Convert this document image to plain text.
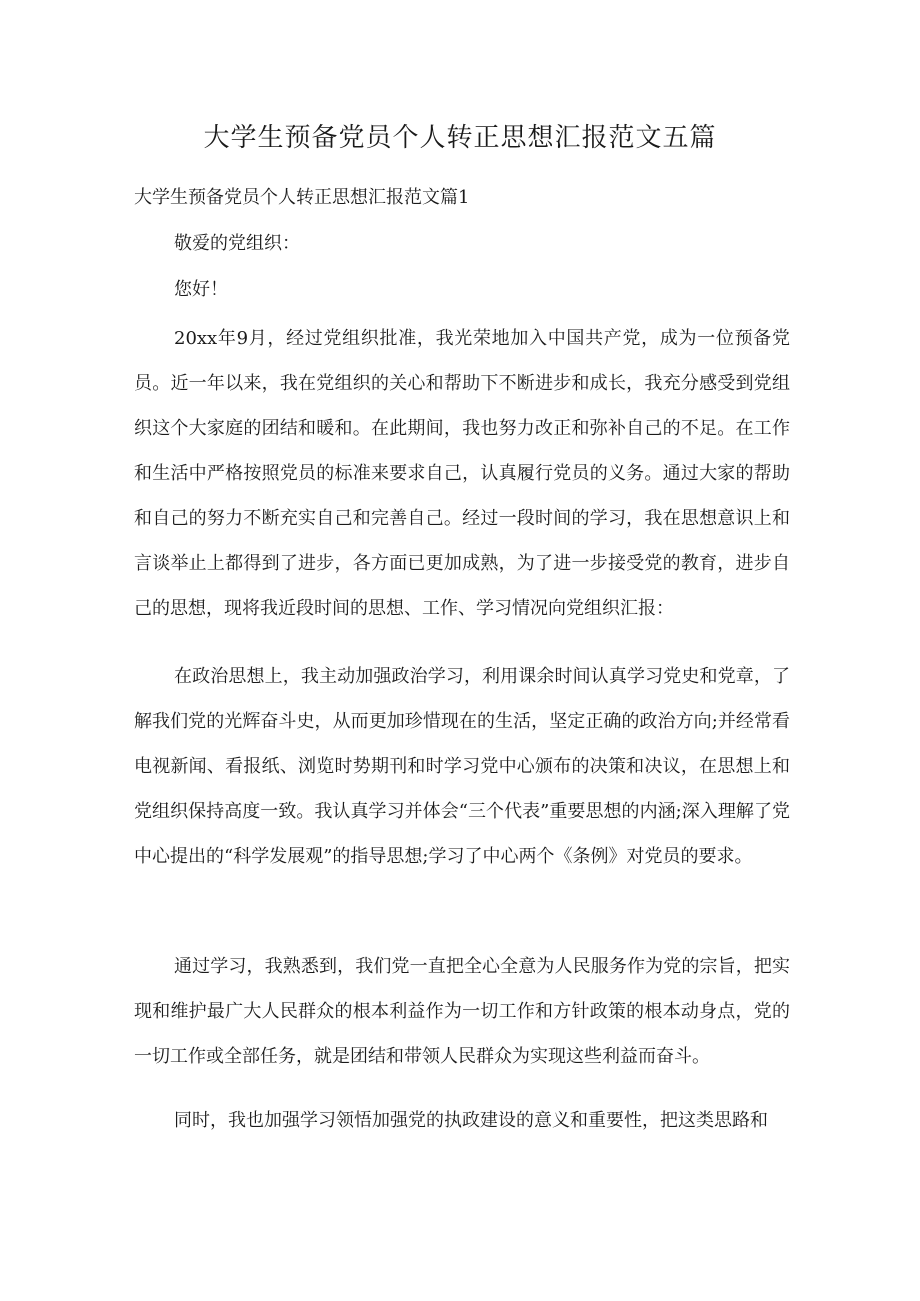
大学生预备党员个人转正思想汇报范文五篇
大学生预备党员个人转正思想汇报范文篇1

敬爱的党组织：

您好！

20xx年9月，经过党组织批准，我光荣地加入中国共产党，成为一位预备党员。近一年以来，我在党组织的关心和帮助下不断进步和成长，我充分感受到党组织这个大家庭的团结和暖和。在此期间，我也努力改正和弥补自己的不足。在工作和生活中严格按照党员的标准来要求自己，认真履行党员的义务。通过大家的帮助和自己的努力不断充实自己和完善自己。经过一段时间的学习，我在思想意识上和言谈举止上都得到了进步，各方面已更加成熟，为了进一步接受党的教育，进步自己的思想，现将我近段时间的思想、工作、学习情况向党组织汇报：

在政治思想上，我主动加强政治学习，利用课余时间认真学习党史和党章，了解我们党的光辉奋斗史，从而更加珍惜现在的生活，坚定正确的政治方向;并经常看电视新闻、看报纸、浏览时势期刊和时学习党中心颁布的决策和决议，在思想上和党组织保持高度一致。我认真学习并体会“三个代表”重要思想的内涵;深入理解了党中心提出的“科学发展观”的指导思想;学习了中心两个《条例》对党员的要求。

通过学习，我熟悉到，我们党一直把全心全意为人民服务作为党的宗旨，把实现和维护最广大人民群众的根本利益作为一切工作和方针政策的根本动身点，党的一切工作或全部任务，就是团结和带领人民群众为实现这些利益而奋斗。

同时，我也加强学习领悟加强党的执政建设的意义和重要性，把这类思路和
